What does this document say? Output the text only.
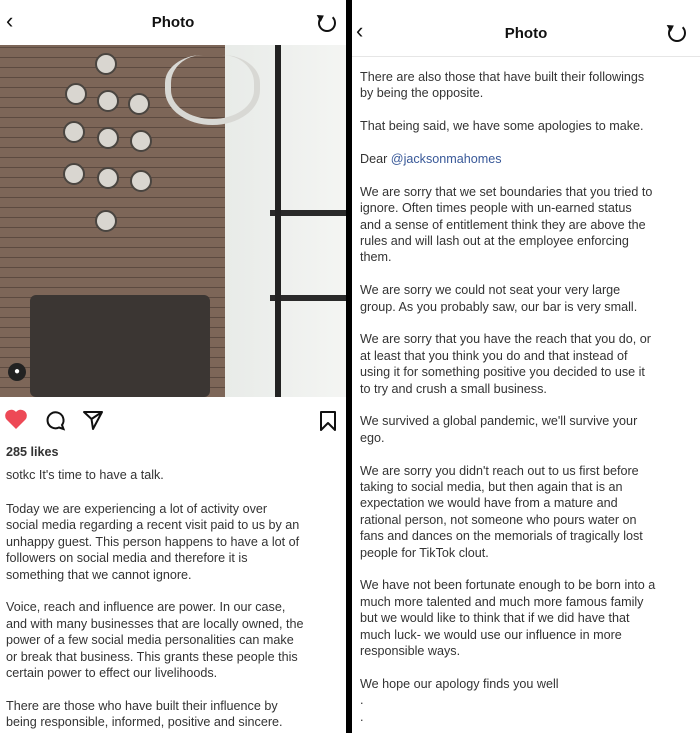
‹	Photo
●
285 likes
sotkc It's time to have a talk.
Today we are experiencing a lot of activity over
social media regarding a recent visit paid to us by an
unhappy guest. This person happens to have a lot of
followers on social media and therefore it is
something that we cannot ignore.
Voice, reach and influence are power. In our case,
and with many businesses that are locally owned, the
power of a few social media personalities can make
or break that business. This grants these people this
certain power to effect our livelihoods.
There are those who have built their influence by
being responsible, informed, positive and sincere.
‹	Photo
There are also those that have built their followings
by being the opposite.
That being said, we have some apologies to make.
Dear @jacksonmahomes
We are sorry that we set boundaries that you tried to
ignore. Often times people with un-earned status
and a sense of entitlement think they are above the
rules and will lash out at the employee enforcing
them.
We are sorry we could not seat your very large
group. As you probably saw, our bar is very small.
We are sorry that you have the reach that you do, or
at least that you think you do and that instead of
using it for something positive you decided to use it
to try and crush a small business.
We survived a global pandemic, we'll survive your
ego.
We are sorry you didn't reach out to us first before
taking to social media, but then again that is an
expectation we would have from a mature and
rational person, not someone who pours water on
fans and dances on the memorials of tragically lost
people for TikTok clout.
We have not been fortunate enough to be born into a
much more talented and much more famous family
but we would like to think that if we did have that
much luck- we would use our influence in more
responsible ways.
We hope our apology finds you well
.
.
